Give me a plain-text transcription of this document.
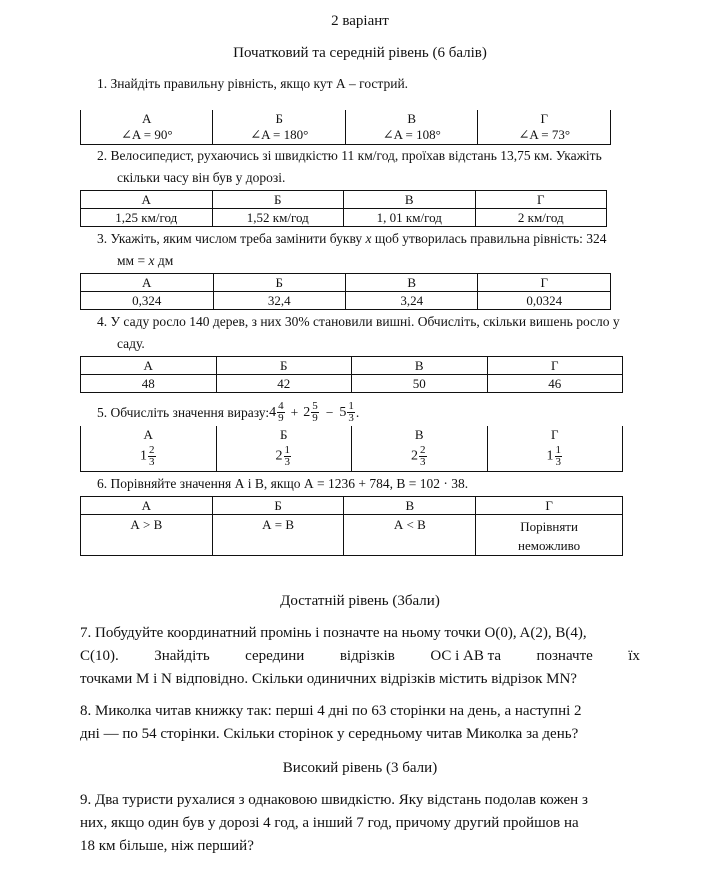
2 варіант
Початковий та середній рівень (6 балів)
1. Знайдіть правильну рівність, якщо кут А – гострий.
А	Б	В	Г
∠A = 90°	∠A = 180°	∠A = 108°	∠A = 73°
2. Велосипедист, рухаючись зі швидкістю 11 км/год, проїхав відстань 13,75 км. Укажіть
скільки часу він був у дорозі.
А	Б	В	Г
1,25 км/год	1,52 км/год	1, 01 км/год	2 км/год
3. Укажіть, яким числом треба замінити букву x щоб утворилась правильна рівність: 324
мм = x дм
А	Б	В	Г
0,324	32,4	3,24	0,0324
4. У саду росло 140 дерев, з них 30% становили вишні. Обчисліть, скільки вишень росло у
саду.
А	Б	В	Г
48	42	50	46
5. Обчисліть значення виразу: $4 \frac{4}{9} + 2 \frac{5}{9} - 5 \frac{1}{3}$ .
А	Б	В	Г
$1 \frac{2}{3}$	$2 \frac{1}{3}$	$2 \frac{2}{3}$	$1 \frac{1}{3}$
6. Порівняйте значення А і В, якщо А = 1236 + 784, В = 102 · 38.
А	Б	В	Г
А > В	А = В	А < В	Порівняти
неможливо
Достатній рівень (3бали)
7. Побудуйте координатний промінь і позначте на ньому точки O(0), A(2), B(4),
C(10). Знайдіть середини відрізків ОС і АВ та позначте їх
точками M і N відповідно. Скільки одиничних відрізків містить відрізок MN?
8. Миколка читав книжку так: перші 4 дні по 63 сторінки на день, а наступні 2
дні — по 54 сторінки. Скільки сторінок у середньому читав Миколка за день?
Високий рівень (3 бали)
9. Два туристи рухалися з однаковою швидкістю. Яку відстань подолав кожен з
них, якщо один був у дорозі 4 год, а інший 7 год, причому другий пройшов на
18 км більше, ніж перший?
